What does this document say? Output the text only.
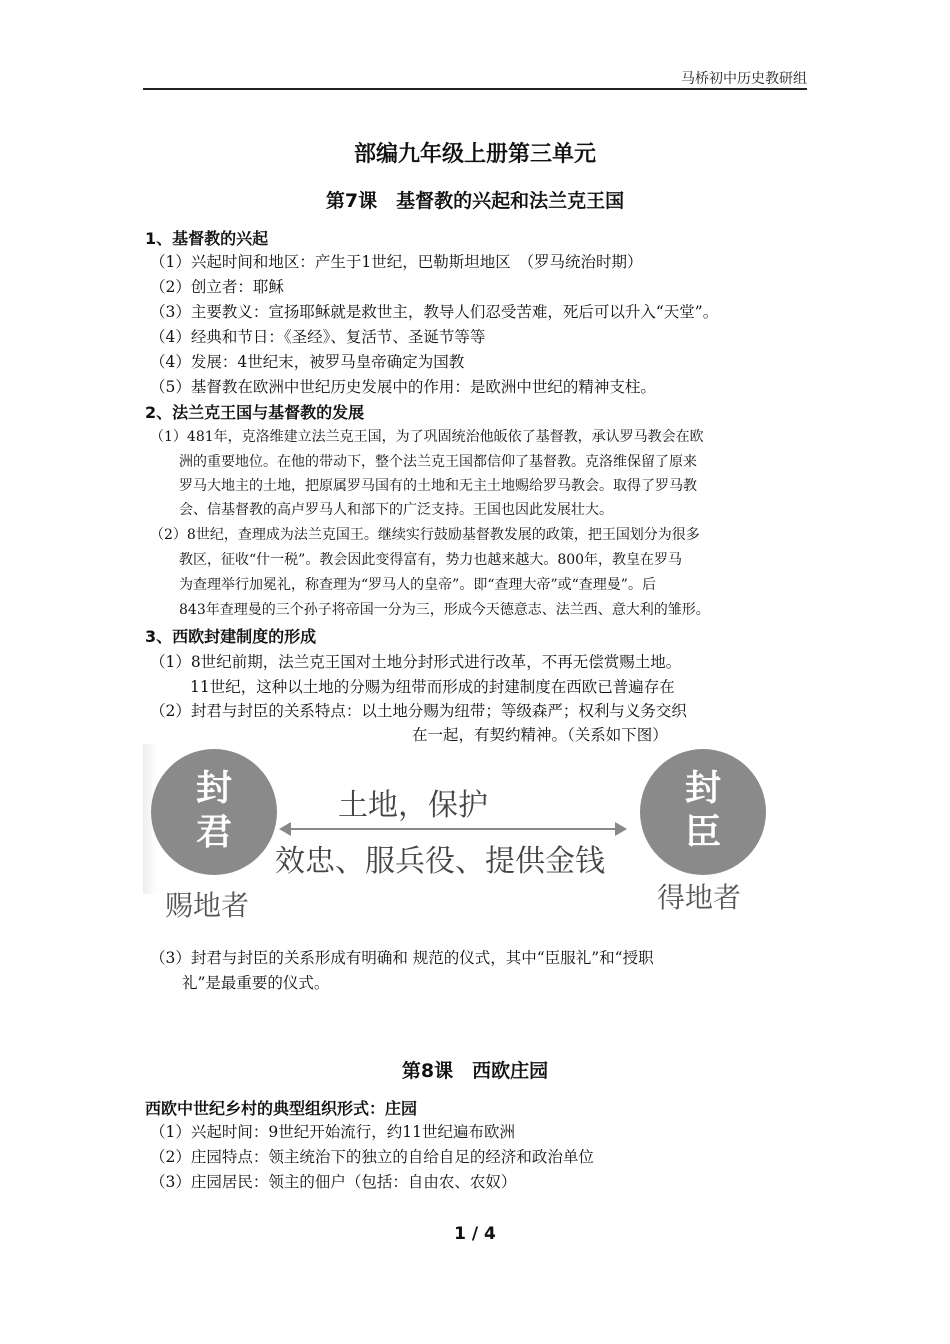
马桥初中历史教研组
部编九年级上册第三单元
第7课　基督教的兴起和法兰克王国
1、基督教的兴起
（1）兴起时间和地区：产生于1世纪，巴勒斯坦地区　（罗马统治时期）
（2）创立者：耶稣
（3）主要教义：宣扬耶稣就是救世主，教导人们忍受苦难，死后可以升入“天堂”。
（4）经典和节日：《圣经》、复活节、圣诞节等等
（4）发展：4世纪末，被罗马皇帝确定为国教
（5）基督教在欧洲中世纪历史发展中的作用：是欧洲中世纪的精神支柱。
2、法兰克王国与基督教的发展
（1）481年，克洛维建立法兰克王国，为了巩固统治他皈依了基督教，承认罗马教会在欧
洲的重要地位。在他的带动下，整个法兰克王国都信仰了基督教。克洛维保留了原来
罗马大地主的土地，把原属罗马国有的土地和无主土地赐给罗马教会。取得了罗马教
会、信基督教的高卢罗马人和部下的广泛支持。王国也因此发展壮大。
（2）8世纪，查理成为法兰克国王。继续实行鼓励基督教发展的政策，把王国划分为很多
教区，征收“什一税”。教会因此变得富有，势力也越来越大。800年，教皇在罗马
为查理举行加冕礼，称查理为“罗马人的皇帝”。即“查理大帝”或“查理曼”。后
843年查理曼的三个孙子将帝国一分为三，形成今天德意志、法兰西、意大利的雏形。
3、西欧封建制度的形成
（1）8世纪前期，法兰克王国对土地分封形式进行改革，不再无偿赏赐土地。
11世纪，这种以土地的分赐为纽带而形成的封建制度在西欧已普遍存在
（2）封君与封臣的关系特点：以土地分赐为纽带；等级森严；权利与义务交织
在一起，有契约精神。（关系如下图）
封
君
封
臣
土地，保护
效忠、服兵役、提供金钱
赐地者	得地者
（3）封君与封臣的关系形成有明确和 规范的仪式，其中“臣服礼”和“授职
礼”是最重要的仪式。
第8课　西欧庄园
西欧中世纪乡村的典型组织形式：庄园
（1）兴起时间：9世纪开始流行，约11世纪遍布欧洲
（2）庄园特点：领主统治下的独立的自给自足的经济和政治单位
（3）庄园居民：领主的佃户（包括：自由农、农奴）
1 / 4
